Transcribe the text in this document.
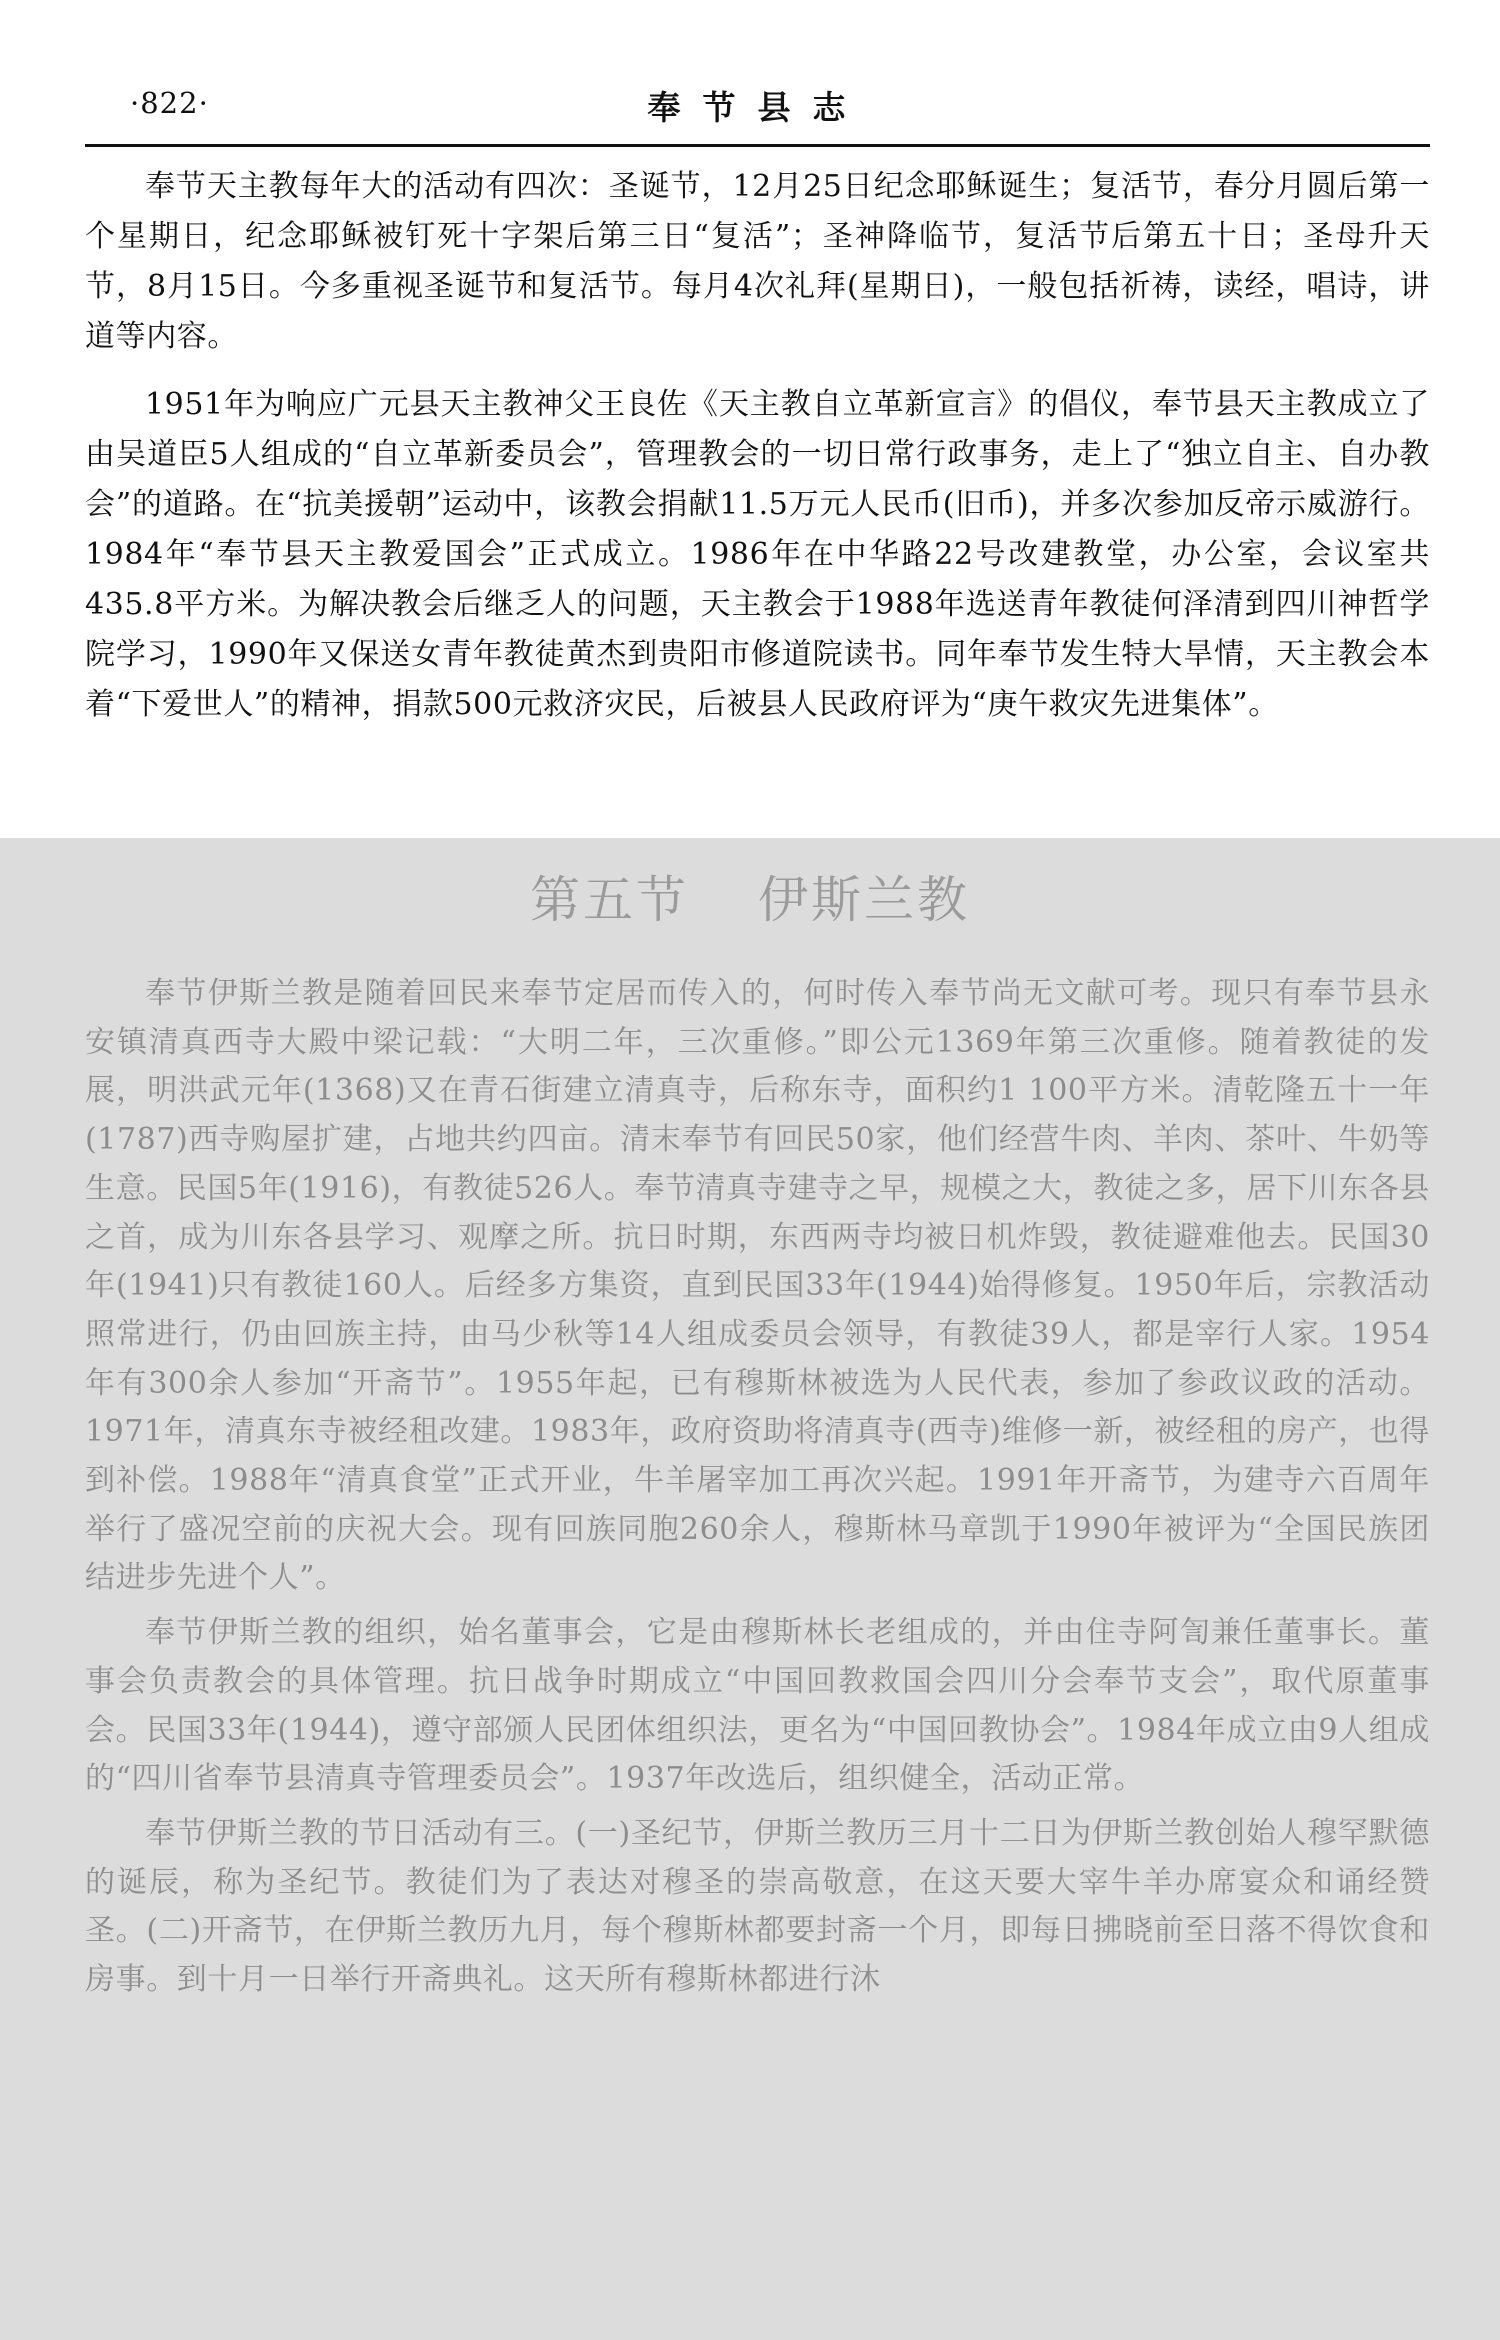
·822·	奉节县志

奉节天主教每年大的活动有四次：圣诞节，12月25日纪念耶稣诞生；复活节，春分月圆后第一个星期日，纪念耶稣被钉死十字架后第三日“复活”；圣神降临节，复活节后第五十日；圣母升天节，8月15日。今多重视圣诞节和复活节。每月4次礼拜(星期日)，一般包括祈祷，读经，唱诗，讲道等内容。

1951年为响应广元县天主教神父王良佐《天主教自立革新宣言》的倡仪，奉节县天主教成立了由吴道臣5人组成的“自立革新委员会”，管理教会的一切日常行政事务，走上了“独立自主、自办教会”的道路。在“抗美援朝”运动中，该教会捐献11.5万元人民币(旧币)，并多次参加反帝示威游行。1984年“奉节县天主教爱国会”正式成立。1986年在中华路22号改建教堂，办公室，会议室共435.8平方米。为解决教会后继乏人的问题，天主教会于1988年选送青年教徒何泽清到四川神哲学院学习，1990年又保送女青年教徒黄杰到贵阳市修道院读书。同年奉节发生特大旱情，天主教会本着“下爱世人”的精神，捐款500元救济灾民，后被县人民政府评为“庚午救灾先进集体”。

第五节 伊斯兰教

奉节伊斯兰教是随着回民来奉节定居而传入的，何时传入奉节尚无文献可考。现只有奉节县永安镇清真西寺大殿中梁记载：“大明二年，三次重修。”即公元1369年第三次重修。随着教徒的发展，明洪武元年(1368)又在青石街建立清真寺，后称东寺，面积约1 100平方米。清乾隆五十一年(1787)西寺购屋扩建，占地共约四亩。清末奉节有回民50家，他们经营牛肉、羊肉、茶叶、牛奶等生意。民国5年(1916)，有教徒526人。奉节清真寺建寺之早，规模之大，教徒之多，居下川东各县之首，成为川东各县学习、观摩之所。抗日时期，东西两寺均被日机炸毁，教徒避难他去。民国30年(1941)只有教徒160人。后经多方集资，直到民国33年(1944)始得修复。1950年后，宗教活动照常进行，仍由回族主持，由马少秋等14人组成委员会领导，有教徒39人，都是宰行人家。1954年有300余人参加“开斋节”。1955年起，已有穆斯林被选为人民代表，参加了参政议政的活动。1971年，清真东寺被经租改建。1983年，政府资助将清真寺(西寺)维修一新，被经租的房产，也得到补偿。1988年“清真食堂”正式开业，牛羊屠宰加工再次兴起。1991年开斋节，为建寺六百周年举行了盛况空前的庆祝大会。现有回族同胞260余人，穆斯林马章凯于1990年被评为“全国民族团结进步先进个人”。

奉节伊斯兰教的组织，始名董事会，它是由穆斯林长老组成的，并由住寺阿訇兼任董事长。董事会负责教会的具体管理。抗日战争时期成立“中国回教救国会四川分会奉节支会”，取代原董事会。民国33年(1944)，遵守部颁人民团体组织法，更名为“中国回教协会”。1984年成立由9人组成的“四川省奉节县清真寺管理委员会”。1937年改选后，组织健全，活动正常。

奉节伊斯兰教的节日活动有三。(一)圣纪节，伊斯兰教历三月十二日为伊斯兰教创始人穆罕默德的诞辰，称为圣纪节。教徒们为了表达对穆圣的崇高敬意，在这天要大宰牛羊办席宴众和诵经赞圣。(二)开斋节，在伊斯兰教历九月，每个穆斯林都要封斋一个月，即每日拂晓前至日落不得饮食和房事。到十月一日举行开斋典礼。这天所有穆斯林都进行沐
